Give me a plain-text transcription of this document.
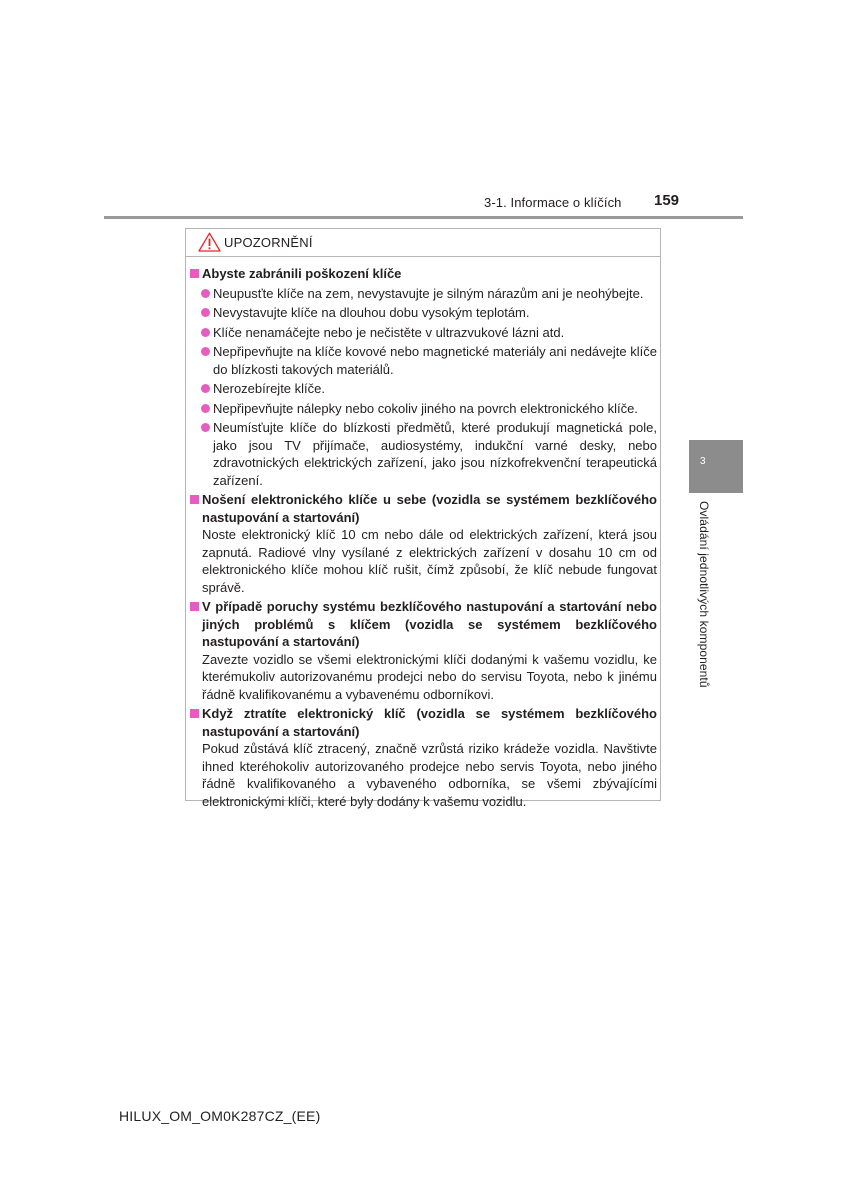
3-1. Informace o klíčích 159
3
Ovládání jednotlivých komponentů
UPOZORNĚNÍ
Abyste zabránili poškození klíče
Neupusťte klíče na zem, nevystavujte je silným nárazům ani je neohýbejte.
Nevystavujte klíče na dlouhou dobu vysokým teplotám.
Klíče nenamáčejte nebo je nečistěte v ultrazvukové lázni atd.
Nepřipevňujte na klíče kovové nebo magnetické materiály ani nedávejte klíče do blízkosti takových materiálů.
Nerozebírejte klíče.
Nepřipevňujte nálepky nebo cokoliv jiného na povrch elektronického klíče.
Neumísťujte klíče do blízkosti předmětů, které produkují magnetická pole, jako jsou TV přijímače, audiosystémy, indukční varné desky, nebo zdravotnických elektrických zařízení, jako jsou nízkofrekvenční terapeutická zařízení.
Nošení elektronického klíče u sebe (vozidla se systémem bezklíčového nastupování a startování)
Noste elektronický klíč 10 cm nebo dále od elektrických zařízení, která jsou zapnutá. Radiové vlny vysílané z elektrických zařízení v dosahu 10 cm od elektronického klíče mohou klíč rušit, čímž způsobí, že klíč nebude fungovat správě.
V případě poruchy systému bezklíčového nastupování a startování nebo jiných problémů s klíčem (vozidla se systémem bezklíčového nastupování a startování)
Zavezte vozidlo se všemi elektronickými klíči dodanými k vašemu vozidlu, ke kterémukoliv autorizovanému prodejci nebo do servisu Toyota, nebo k jinému řádně kvalifikovanému a vybavenému odborníkovi.
Když ztratíte elektronický klíč (vozidla se systémem bezklíčového nastupování a startování)
Pokud zůstává klíč ztracený, značně vzrůstá riziko krádeže vozidla. Navštivte ihned kteréhokoliv autorizovaného prodejce nebo servis Toyota, nebo jiného řádně kvalifikovaného a vybaveného odborníka, se všemi zbývajícími elektronickými klíči, které byly dodány k vašemu vozidlu.
HILUX_OM_OM0K287CZ_(EE)
